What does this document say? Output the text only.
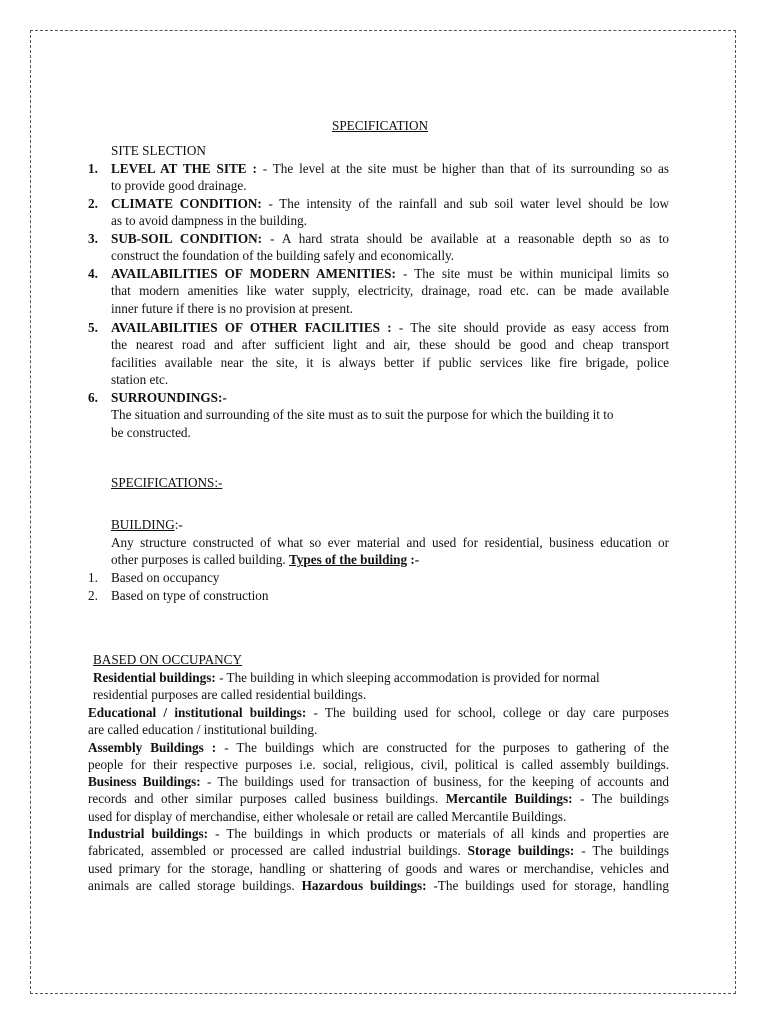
SPECIFICATION
SITE SLECTION
1. LEVEL AT THE SITE : - The level at the site must be higher than that of its surrounding so as
to provide good drainage.
2. CLIMATE CONDITION: - The intensity of the rainfall and sub soil water level should be low
as to avoid dampness in the building.
3. SUB-SOIL CONDITION: - A hard strata should be available at a reasonable depth so as to
construct the foundation of the building safely and economically.
4. AVAILABILITIES OF MODERN AMENITIES: - The site must be within municipal limits so
that modern amenities like water supply, electricity, drainage, road etc. can be made available
inner future if there is no provision at present.
5. AVAILABILITIES OF OTHER FACILITIES : - The site should provide as easy access from
the nearest road and after sufficient light and air, these should be good and cheap transport
facilities available near the site, it is always better if public services like fire brigade, police
station etc.
6. SURROUNDINGS:-
The situation and surrounding of the site must as to suit the purpose for which the building it to
be constructed.
SPECIFICATIONS:-
BUILDING:-
Any structure constructed of what so ever material and used for residential, business education or
other purposes is called building. Types of the building :-
1. Based on occupancy
2. Based on type of construction
BASED ON OCCUPANCY
Residential buildings: - The building in which sleeping accommodation is provided for normal
residential purposes are called residential buildings.
Educational / institutional buildings: - The building used for school, college or day care purposes
are called education / institutional building.
Assembly Buildings : - The buildings which are constructed for the purposes to gathering of the
people for their respective purposes i.e. social, religious, civil, political is called assembly buildings.
Business Buildings: - The buildings used for transaction of business, for the keeping of accounts and
records and other similar purposes called business buildings. Mercantile Buildings: - The buildings
used for display of merchandise, either wholesale or retail are called Mercantile Buildings.
Industrial buildings: - The buildings in which products or materials of all kinds and properties are
fabricated, assembled or processed are called industrial buildings. Storage buildings: - The buildings
used primary for the storage, handling or shattering of goods and wares or merchandise, vehicles and
animals are called storage buildings. Hazardous buildings: -The buildings used for storage, handling
